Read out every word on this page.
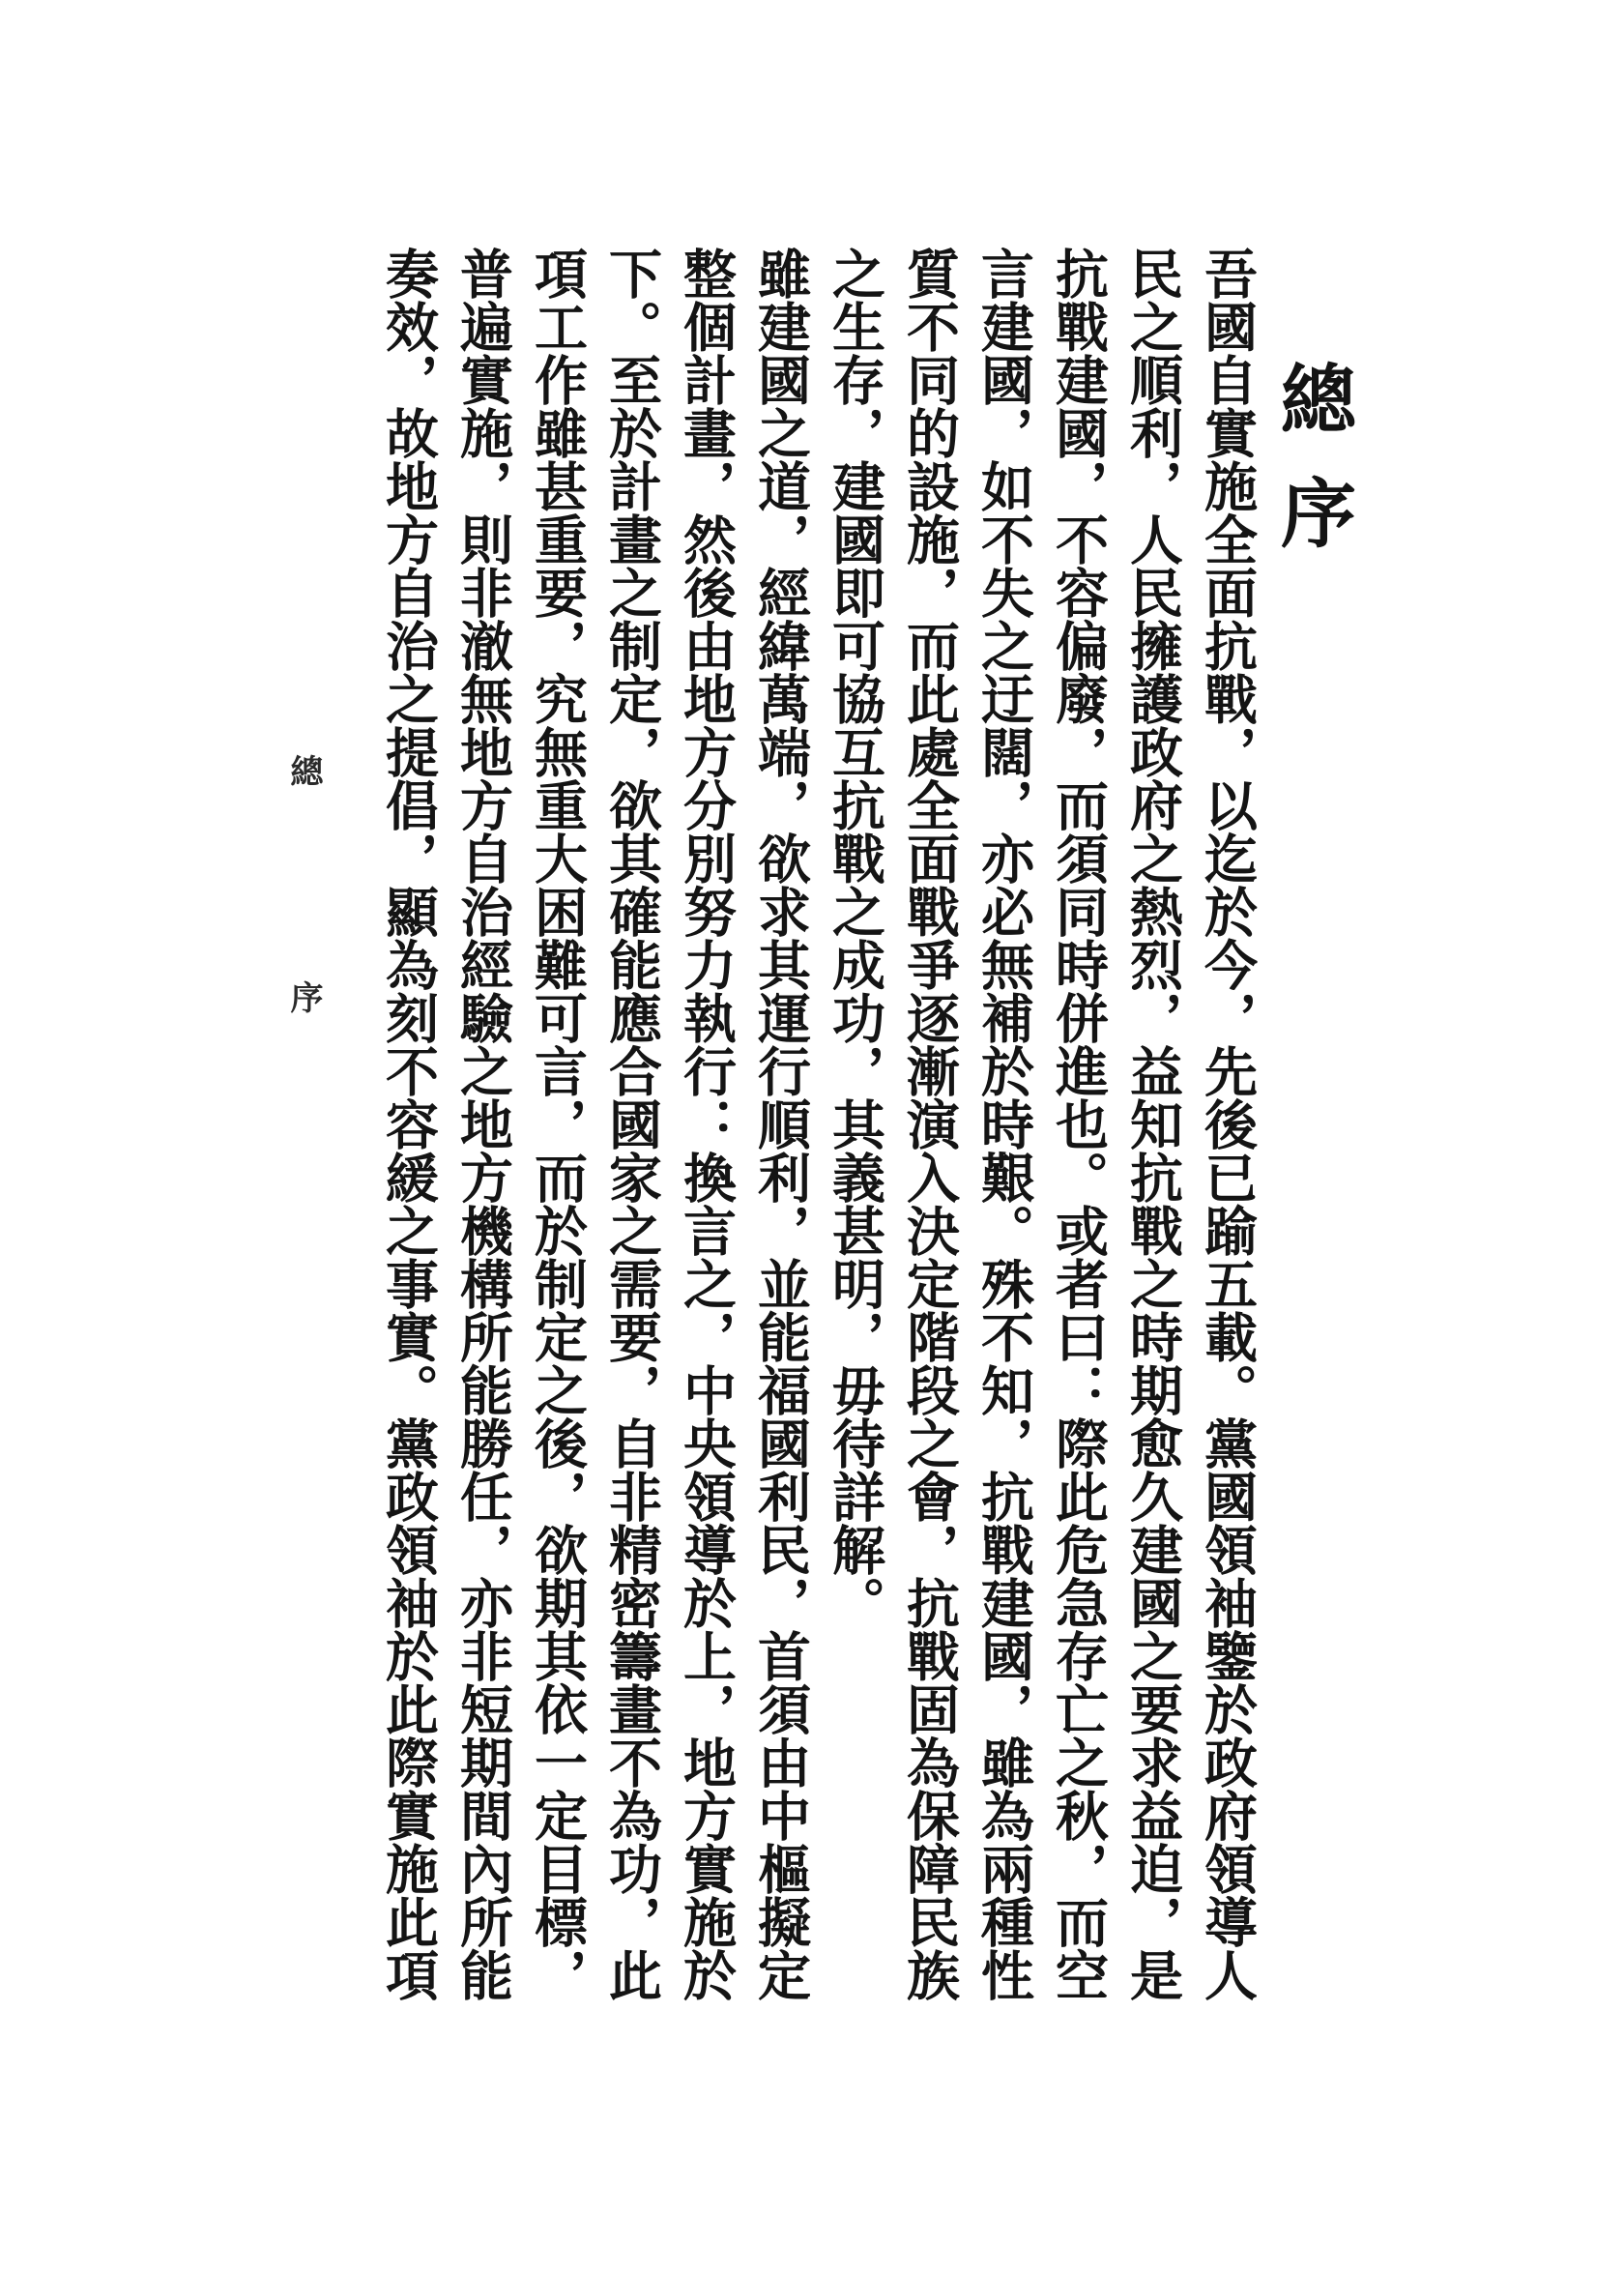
總序

吾國自實施全面抗戰，以迄於今，先後已踰五載。黨國領袖鑒於政府領導人民之順利，人民擁護政府之熱烈，益知抗戰之時期愈久建國之要求益迫，是抗戰建國，不容偏廢，而須同時併進也。或者曰：際此危急存亡之秋，而空言建國，如不失之迂闊，亦必無補於時艱。殊不知，抗戰建國，雖為兩種性質不同的設施，而此處全面戰爭逐漸演入決定階段之會，抗戰固為保障民族之生存，建國即可協互抗戰之成功，其義甚明，毋待詳解。

雖建國之道，經緯萬端，欲求其運行順利，並能福國利民，首須由中樞擬定整個計畫，然後由地方分別努力執行：換言之，中央領導於上，地方實施於下。至於計畫之制定，欲其確能應合國家之需要，自非精密籌畫不為功，此項工作雖甚重要，究無重大困難可言，而於制定之後，欲期其依一定目標，普遍實施，則非澈無地方自治經驗之地方機構所能勝任，亦非短期間內所能奏效，故地方自治之提倡，顯為刻不容緩之事實。黨政領袖於此際實施此項

總序
